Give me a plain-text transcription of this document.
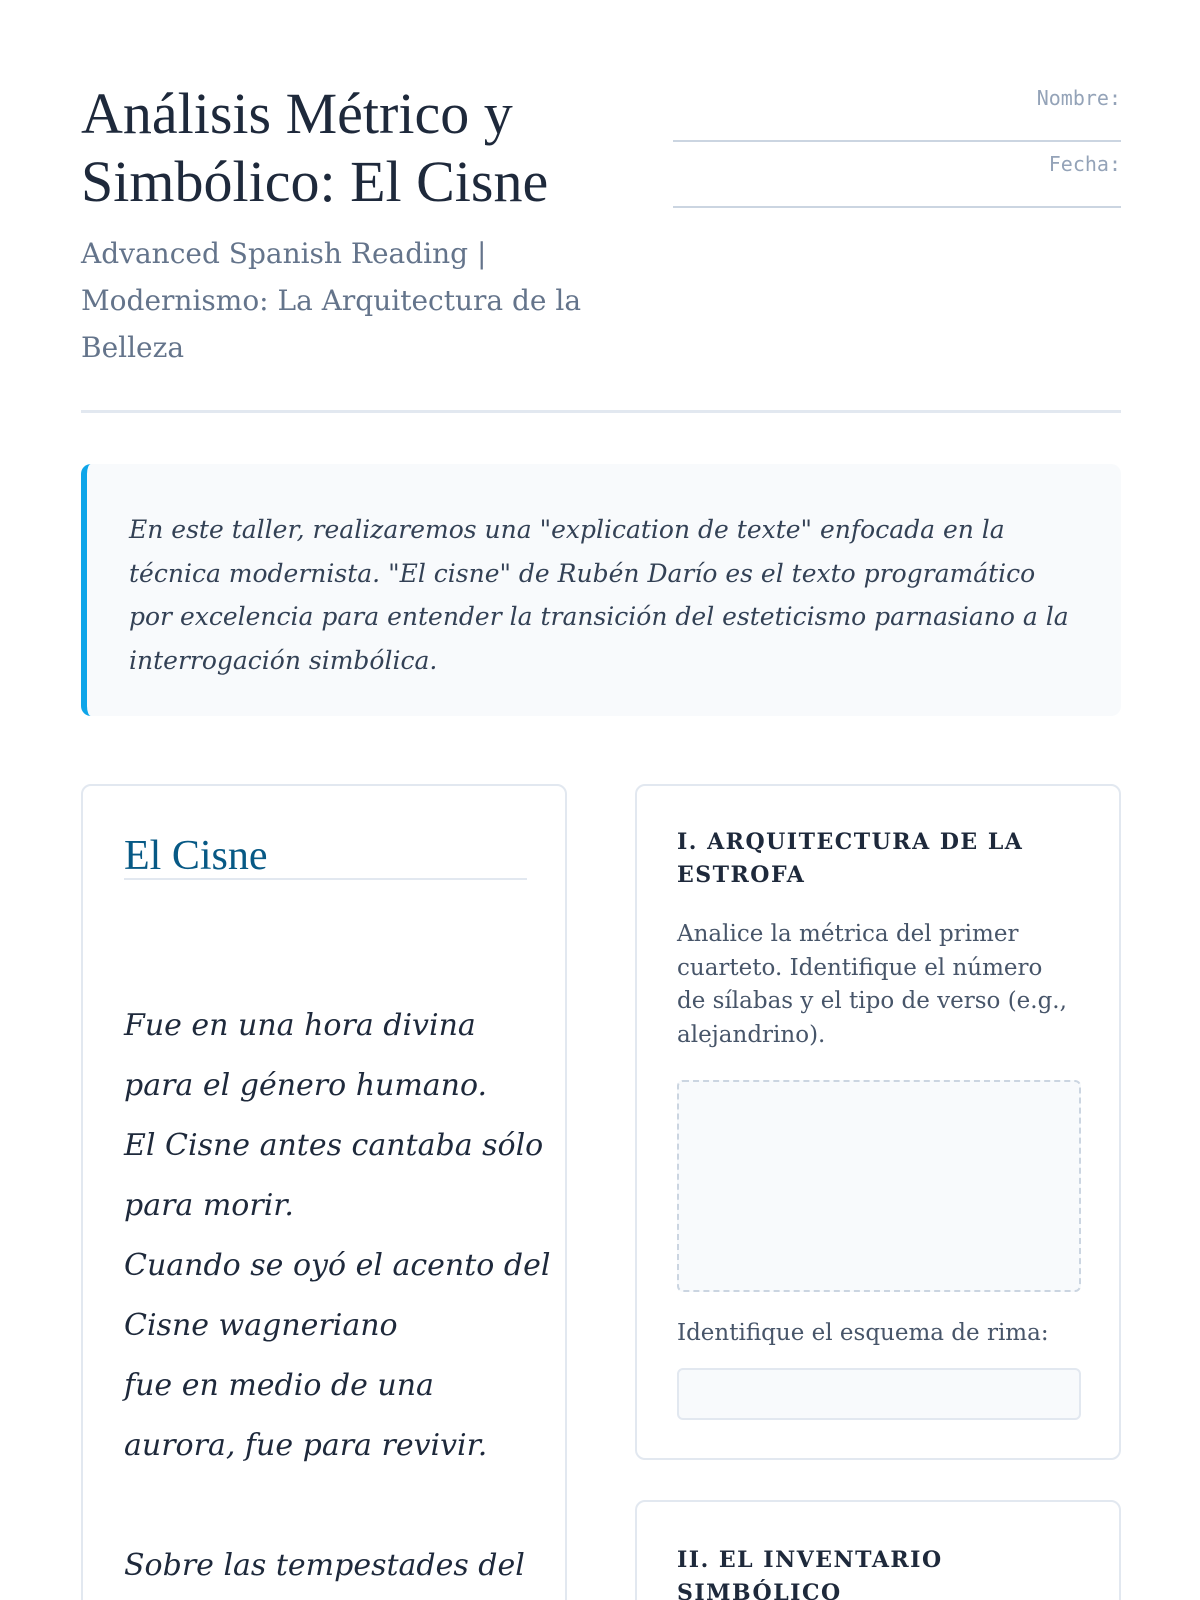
Análisis Métrico y Simbólico: El Cisne

Advanced Spanish Reading | Modernismo: La Arquitectura de la Belleza

Nombre:
Fecha:

En este taller, realizaremos una "explication de texte" enfocada en la técnica modernista. "El cisne" de Rubén Darío es el texto programático por excelencia para entender la transición del esteticismo parnasiano a la interrogación simbólica.

El Cisne
Fue en una hora divina
para el género humano.
El Cisne antes cantaba sólo
para morir.
Cuando se oyó el acento del
Cisne wagneriano
fue en medio de una
aurora, fue para revivir.
Sobre las tempestades del
I. ARQUITECTURA DE LA ESTROFA

Analice la métrica del primer cuarteto. Identifique el número de sílabas y el tipo de verso (e.g., alejandrino).

Identifique el esquema de rima:

II. EL INVENTARIO SIMBÓLICO
